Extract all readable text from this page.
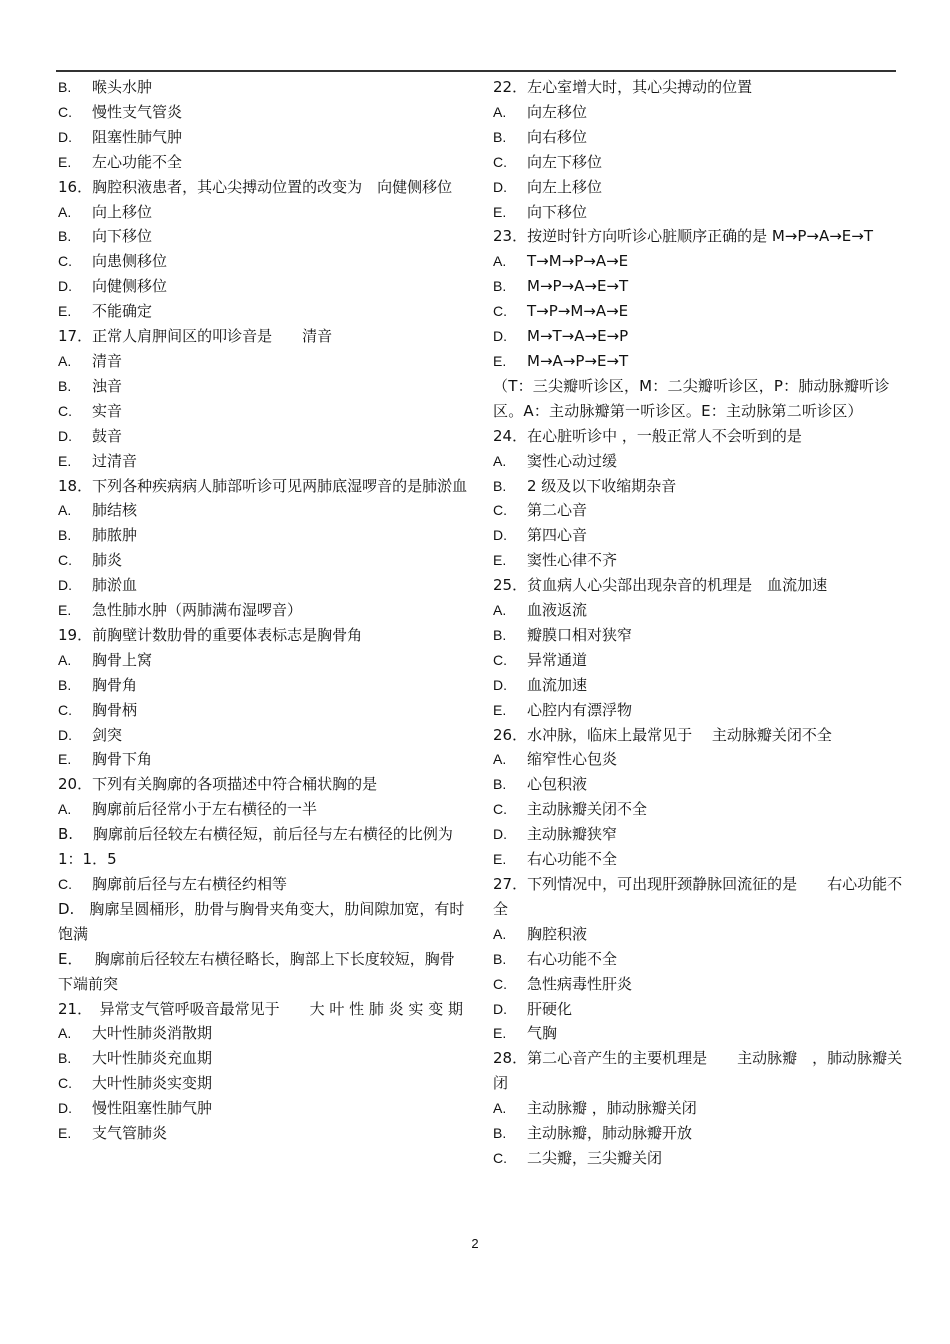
B.	喉头水肿
C.	慢性支气管炎
D.	阻塞性肺气肿
E.	左心功能不全
16．胸腔积液患者，其心尖搏动位置的改变为　向健侧移位
A.	向上移位
B.	向下移位
C.	向患侧移位
D.	向健侧移位
E.	不能确定
17．正常人肩胛间区的叩诊音是　　清音
A.	清音
B.	浊音
C.	实音
D.	鼓音
E.	过清音
18．下列各种疾病病人肺部听诊可见两肺底湿啰音的是肺淤血
A.	肺结核
B.	肺脓肿
C.	肺炎
D.	肺淤血
E.	急性肺水肿（两肺满布湿啰音）
19．前胸壁计数肋骨的重要体表标志是胸骨角
A.	胸骨上窝
B.	胸骨角
C.	胸骨柄
D.	剑突
E.	胸骨下角
20．下列有关胸廓的各项描述中符合桶状胸的是
A.	胸廓前后径常小于左右横径的一半
B.　 胸廓前后径较左右横径短，前后径与左右横径的比例为 1：1．5
C.	胸廓前后径与左右横径约相等
D.　胸廓呈圆桶形，肋骨与胸骨夹角变大，肋间隙加宽，有时饱满
E．　 胸廓前后径较左右横径略长，胸部上下长度较短，胸骨下端前突
21．　异常支气管呼吸音最常见于　　大 叶 性 肺 炎 实 变 期
A.	大叶性肺炎消散期
B.	大叶性肺炎充血期
C.	大叶性肺炎实变期
D.	慢性阻塞性肺气肿
E.	支气管肺炎
22．左心室增大时，其心尖搏动的位置
A.	向左移位
B.	向右移位
C.	向左下移位
D.	向左上移位
E.	向下移位
23．按逆时针方向听诊心脏顺序正确的是 M→P→A→E→T
A.	T→M→P→A→E
B.	M→P→A→E→T
C.	T→P→M→A→E
D.	M→T→A→E→P
E.	M→A→P→E→T
（T：三尖瓣听诊区，M：二尖瓣听诊区，P：肺动脉瓣听诊区。A：主动脉瓣第一听诊区。E：主动脉第二听诊区）
24．在心脏听诊中 ，一般正常人不会听到的是
A.	窦性心动过缓
B.	2 级及以下收缩期杂音
C.	第二心音
D.	第四心音
E.	窦性心律不齐
25．贫血病人心尖部出现杂音的机理是　血流加速
A.	血液返流
B.	瓣膜口相对狭窄
C.	异常通道
D.	血流加速
E.	心腔内有漂浮物
26．水冲脉，临床上最常见于　 主动脉瓣关闭不全
A.	缩窄性心包炎
B.	心包积液
C.	主动脉瓣关闭不全
D.	主动脉瓣狭窄
E.	右心功能不全
27．下列情况中，可出现肝颈静脉回流征的是　　右心功能不全
A.	胸腔积液
B.	右心功能不全
C.	急性病毒性肝炎
D.	肝硬化
E.	气胸
28．第二心音产生的主要机理是　　主动脉瓣　，肺动脉瓣关闭
A.	主动脉瓣 ，肺动脉瓣关闭
B.	主动脉瓣，肺动脉瓣开放
C.	二尖瓣，三尖瓣关闭
2
